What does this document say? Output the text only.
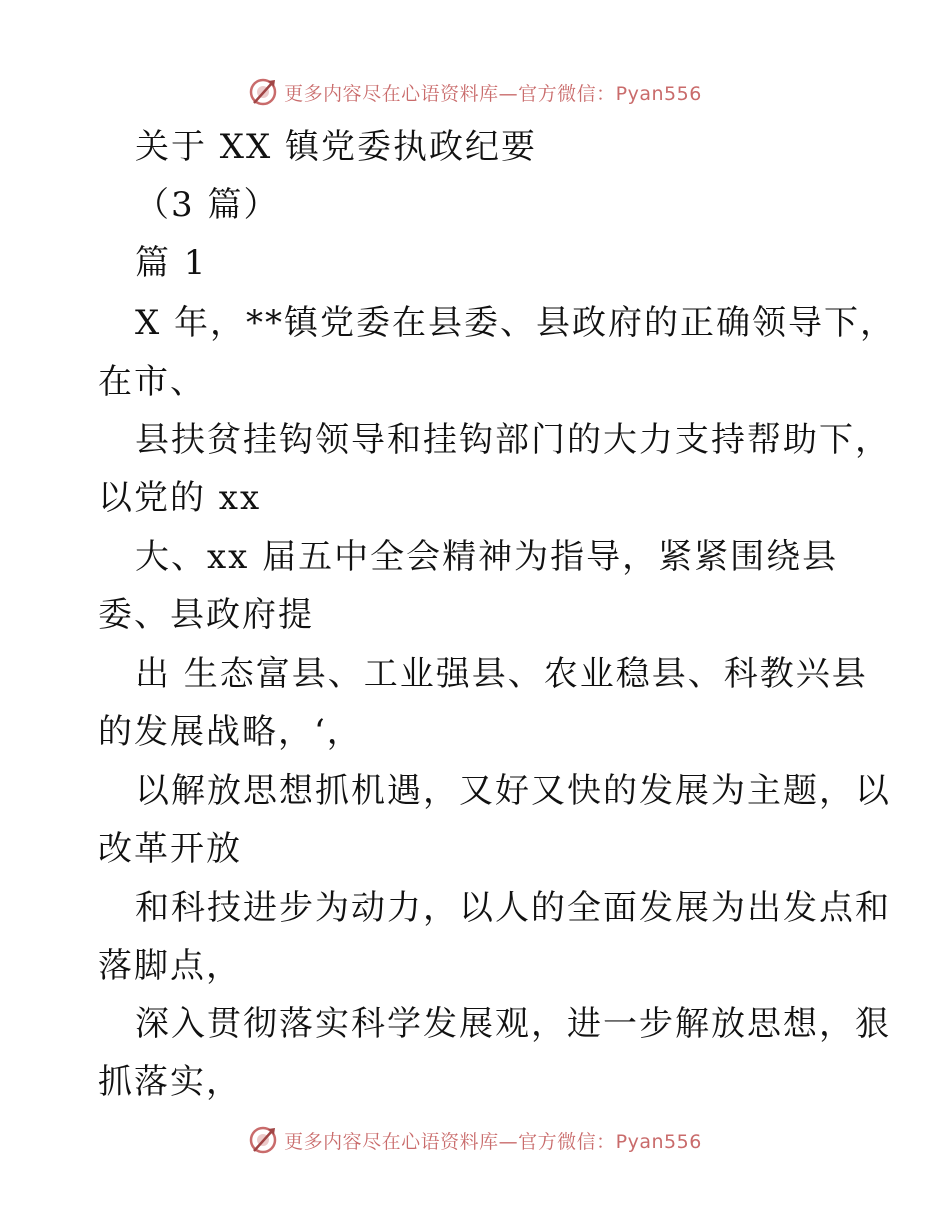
更多内容尽在心语资料库—官方微信：Pyan556
关于 XX 镇党委执政纪要
（3 篇）
篇 1
X 年，**镇党委在县委、县政府的正确领导下，
在市、
县扶贫挂钩领导和挂钩部门的大力支持帮助下，
以党的 xx
大、xx 届五中全会精神为指导，紧紧围绕县
委、县政府提
出 生态富县、工业强县、农业稳县、科教兴县
的发展战略，‘，
以解放思想抓机遇，又好又快的发展为主题，以
改革开放
和科技进步为动力，以人的全面发展为出发点和
落脚点，
深入贯彻落实科学发展观，进一步解放思想，狠
抓落实，
更多内容尽在心语资料库—官方微信：Pyan556
